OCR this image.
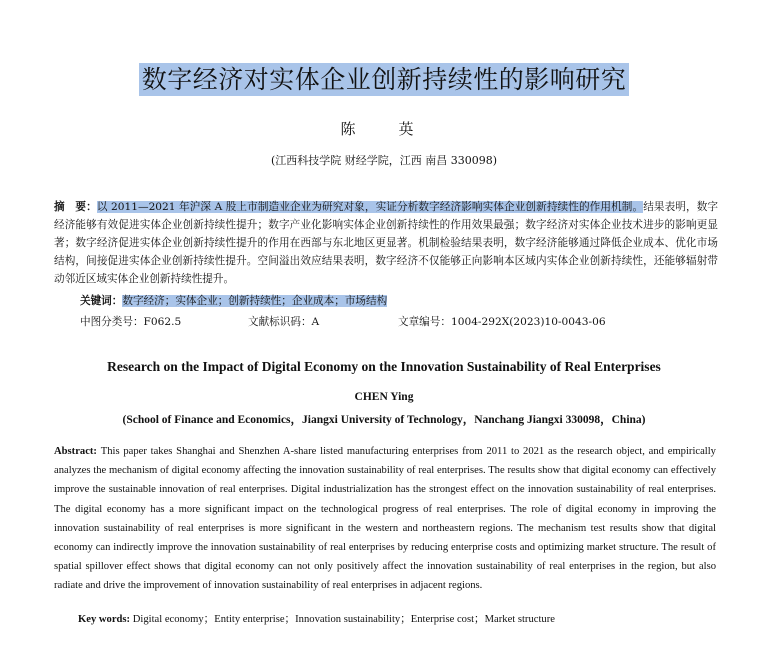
数字经济对实体企业创新持续性的影响研究
陈　英
(江西科技学院 财经学院，江西 南昌 330098)
摘　要：以 2011—2021 年沪深 A 股上市制造业企业为研究对象，实证分析数字经济影响实体企业创新持续性的作用机制。结果表明，数字经济能够有效促进实体企业创新持续性提升；数字产业化影响实体企业创新持续性的作用效果最强；数字经济对实体企业技术进步的影响更显著；数字经济促进实体企业创新持续性提升的作用在西部与东北地区更显著。机制检验结果表明，数字经济能够通过降低企业成本、优化市场结构，间接促进实体企业创新持续性提升。空间溢出效应结果表明，数字经济不仅能够正向影响本区域内实体企业创新持续性，还能够辐射带动邻近区域实体企业创新持续性提升。
关键词：数字经济；实体企业；创新持续性；企业成本；市场结构
中图分类号：F062.5	文献标识码：A	文章编号：1004-292X(2023)10-0043-06
Research on the Impact of Digital Economy on the Innovation Sustainability of Real Enterprises
CHEN Ying
(School of Finance and Economics，Jiangxi University of Technology，Nanchang Jiangxi 330098，China)
Abstract: This paper takes Shanghai and Shenzhen A-share listed manufacturing enterprises from 2011 to 2021 as the research object, and empirically analyzes the mechanism of digital economy affecting the innovation sustainability of real enterprises. The results show that digital economy can effectively improve the sustainable innovation of real enterprises. Digital industrialization has the strongest effect on the innovation sustainability of real enterprises. The digital economy has a more significant impact on the technological progress of real enterprises. The role of digital economy in improving the innovation sustainability of real enterprises is more significant in the western and northeastern regions. The mechanism test results show that digital economy can indirectly improve the innovation sustainability of real enterprises by reducing enterprise costs and optimizing market structure. The result of spatial spillover effect shows that digital economy can not only positively affect the innovation sustainability of real enterprises in the region, but also radiate and drive the improvement of innovation sustainability of real enterprises in adjacent regions.
Key words: Digital economy；Entity enterprise；Innovation sustainability；Enterprise cost；Market structure
